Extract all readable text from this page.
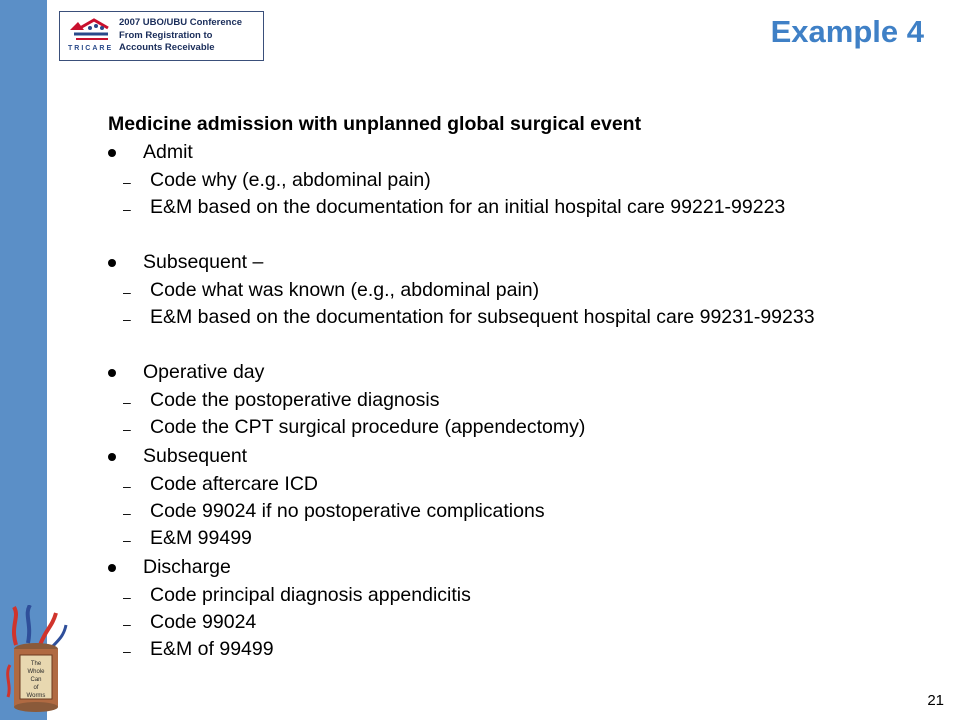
TRICARE
2007 UBO/UBU Conference
From Registration to
Accounts Receivable	Example 4
Medicine admission with unplanned global surgical event
Admit
– Code why (e.g., abdominal pain)
– E&M based on the documentation for an initial hospital care 99221-99223
Subsequent –
– Code what was known (e.g., abdominal pain)
– E&M based on the documentation for subsequent hospital care 99231-99233
Operative day
– Code the postoperative diagnosis
– Code the CPT surgical procedure (appendectomy)
Subsequent
– Code aftercare ICD
– Code 99024 if no postoperative complications
– E&M 99499
Discharge
– Code principal diagnosis appendicitis
– Code 99024
– E&M of 99499
The
Whole
Can
of
Worms	21
